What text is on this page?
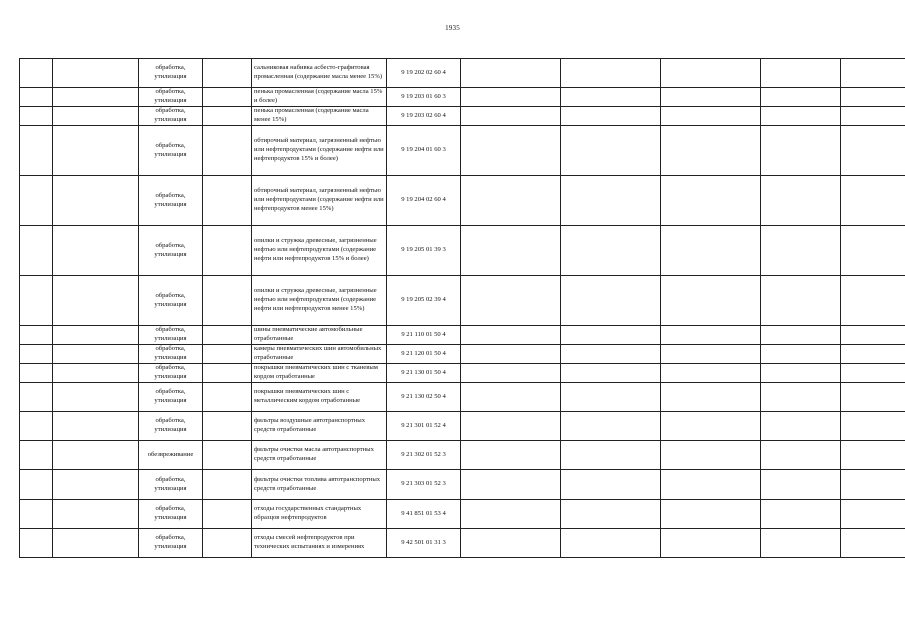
1935
		обработка, утилизация		сальниковая набивка асбесто-графитовая промасленная (содержание масла менее 15%)	9 19 202 02 60 4					
		обработка, утилизация		пенька промасленная (содержание масла 15% и более)	9 19 203 01 60 3					
		обработка, утилизация		пенька промасленная (содержание масла менее 15%)	9 19 203 02 60 4					
		обработка, утилизация		обтирочный материал, загрязненный нефтью или нефтепродуктами (содержание нефти или нефтепродуктов 15% и более)	9 19 204 01 60 3					
		обработка, утилизация		обтирочный материал, загрязненный нефтью или нефтепродуктами (содержание нефти или нефтепродуктов менее 15%)	9 19 204 02 60 4					
		обработка, утилизация		опилки и стружка древесные, загрязненные нефтью или нефтепродуктами (содержание нефти или нефтепродуктов 15% и более)	9 19 205 01 39 3					
		обработка, утилизация		опилки и стружка древесные, загрязненные нефтью или нефтепродуктами (содержание нефти или нефтепродуктов менее 15%)	9 19 205 02 39 4					
		обработка, утилизация		шины пневматические автомобильные отработанные	9 21 110 01 50 4					
		обработка, утилизация		камеры пневматических шин автомобильных отработанные	9 21 120 01 50 4					
		обработка, утилизация		покрышки пневматических шин с тканевым кордом отработанные	9 21 130 01 50 4					
		обработка, утилизация		покрышки пневматических шин с металлическим кордом отработанные	9 21 130 02 50 4					
		обработка, утилизация		фильтры воздушные автотранспортных средств отработанные	9 21 301 01 52 4					
		обезвреживание		фильтры очистки масла автотранспортных средств отработанные	9 21 302 01 52 3					
		обработка, утилизация		фильтры очистки топлива автотранспортных средств отработанные	9 21 303 01 52 3					
		обработка, утилизация		отходы государственных стандартных образцов нефтепродуктов	9 41 851 01 53 4					
		обработка, утилизация		отходы смесей нефтепродуктов при технических испытаниях и измерениях	9 42 501 01 31 3					
